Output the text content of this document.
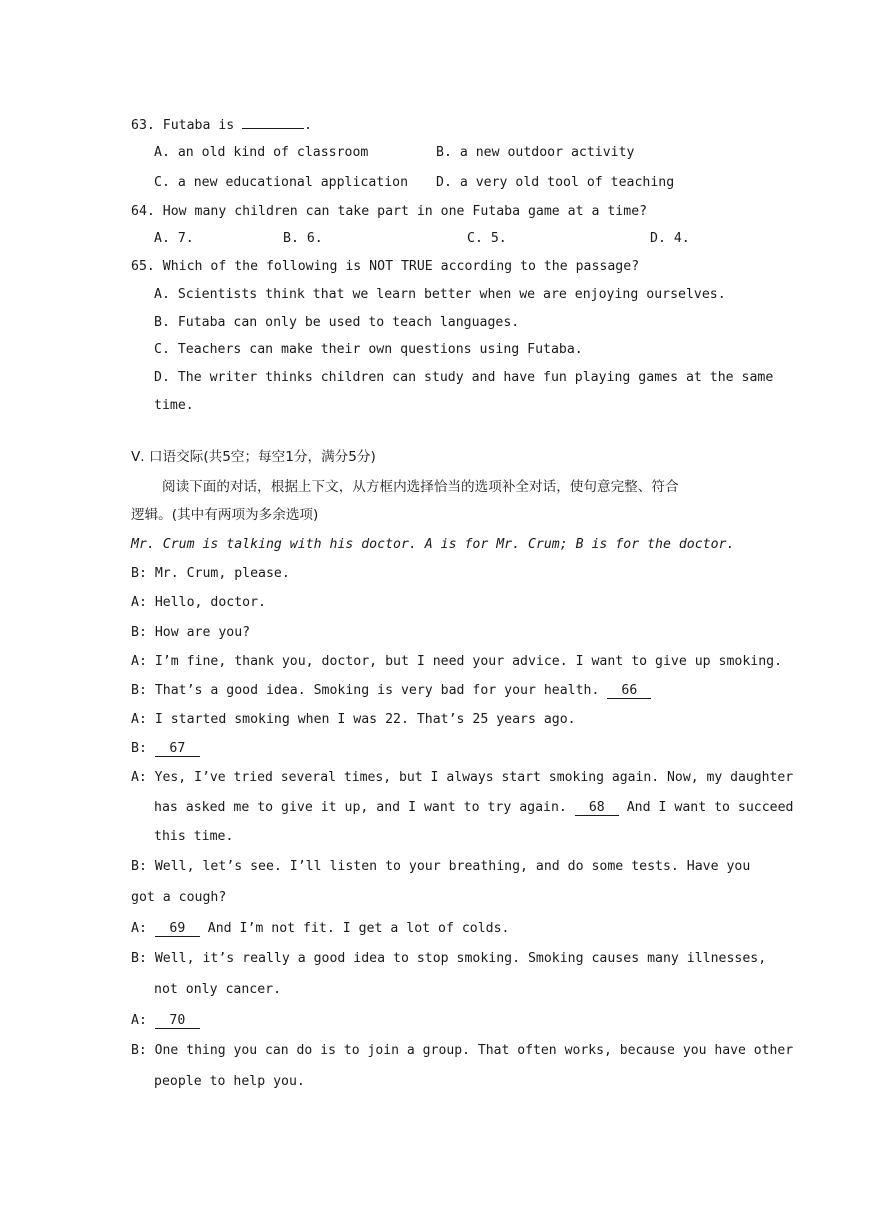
63. Futaba is	.
A. an old kind of classroom	B. a new outdoor activity
C. a new educational application D. a very old tool of teaching
64. How many children can take part in one Futaba game at a time?
A. 7.	B. 6.	C. 5.	D. 4.
65. Which of the following is NOT TRUE according to the passage?
A. Scientists think that we learn better when we are enjoying ourselves.
B. Futaba can only be used to teach languages.
C. Teachers can make their own questions using Futaba.
D. The writer thinks children can study and have fun playing games at the same
time.
Ⅴ. 口语交际(共5空；每空1分，满分5分)
阅读下面的对话，根据上下文，从方框内选择恰当的选项补全对话，使句意完整、符合
逻辑。(其中有两项为多余选项)
Mr. Crum is talking with his doctor. A is for Mr. Crum; B is for the doctor.
B: Mr. Crum, please.
A: Hello, doctor.
B: How are you?
A: I’m fine, thank you, doctor, but I need your advice. I want to give up smoking.
B: That’s a good idea. Smoking is very bad for your health. 66
A: I started smoking when I was 22. That’s 25 years ago.
B: 67
A: Yes, I’ve tried several times, but I always start smoking again. Now, my daughter
has asked me to give it up, and I want to try again. 68 And I want to succeed
this time.
B: Well, let’s see. I’ll listen to your breathing, and do some tests. Have you
got a cough?
A: 69 And I’m not fit. I get a lot of colds.
B: Well, it’s really a good idea to stop smoking. Smoking causes many illnesses,
not only cancer.
A: 70
B: One thing you can do is to join a group. That often works, because you have other
people to help you.
